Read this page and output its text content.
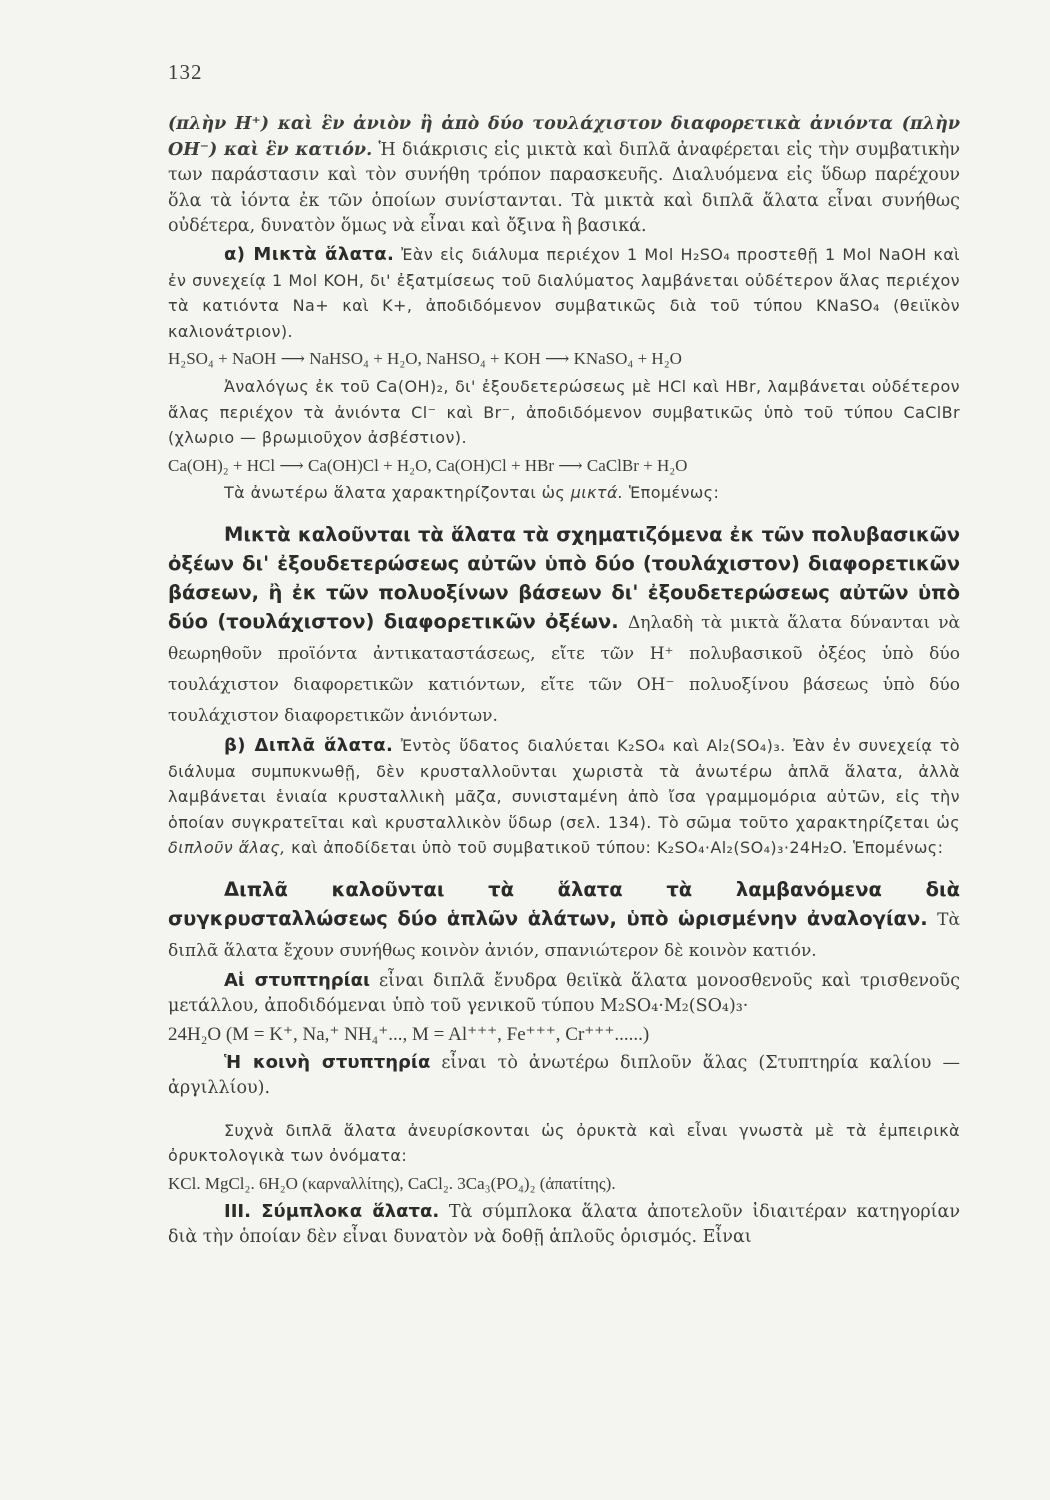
132

(πλὴν H⁺) καὶ ἓν ἀνιὸν ἢ ἀπὸ δύο τουλάχιστον διαφορετικὰ ἀνιόντα (πλὴν OH⁻) καὶ ἓν κατιόν. Ἡ διάκρισις εἰς μικτὰ καὶ διπλᾶ ἀναφέρεται εἰς τὴν συμβατικὴν των παράστασιν καὶ τὸν συνήθη τρόπον παρασκευῆς. Διαλυόμενα εἰς ὕδωρ παρέχουν ὅλα τὰ ἰόντα ἐκ τῶν ὁποίων συνίστανται. Τὰ μικτὰ καὶ διπλᾶ ἅλατα εἶναι συνήθως οὐδέτερα, δυνατὸν ὅμως νὰ εἶναι καὶ ὄξινα ἢ βασικά.

α) Μικτὰ ἅλατα. Ἐὰν εἰς διάλυμα περιέχον 1 Mol H₂SO₄ προστεθῇ 1 Mol NaOH καὶ ἐν συνεχείᾳ 1 Mol KOH, δι' ἐξατμίσεως τοῦ διαλύματος λαμβάνεται οὐδέτερον ἅλας περιέχον τὰ κατιόντα Na+ καὶ K+, ἀποδιδόμενον συμβατικῶς διὰ τοῦ τύπου KNaSO₄ (θειϊκὸν καλιονάτριον).

H₂SO₄ + NaOH ⟶ NaHSO₄ + H₂O, NaHSO₄ + KOH ⟶ KNaSO₄ + H₂O

Ἀναλόγως ἐκ τοῦ Ca(OH)₂, δι' ἐξουδετερώσεως μὲ HCl καὶ HBr, λαμβάνεται οὐδέτερον ἅλας περιέχον τὰ ἀνιόντα Cl⁻ καὶ Br⁻, ἀποδιδόμενον συμβατικῶς ὑπὸ τοῦ τύπου CaClBr (χλωριο — βρωμιοῦχον ἀσβέστιον).

Ca(OH)₂ + HCl ⟶ Ca(OH)Cl + H₂O, Ca(OH)Cl + HBr ⟶ CaClBr + H₂O

Τὰ ἀνωτέρω ἅλατα χαρακτηρίζονται ὡς μικτά. Ἑπομένως:

Μικτὰ καλοῦνται τὰ ἅλατα τὰ σχηματιζόμενα ἐκ τῶν πολυβασικῶν ὀξέων δι' ἐξουδετερώσεως αὐτῶν ὑπὸ δύο (τουλάχιστον) διαφορετικῶν βάσεων, ἢ ἐκ τῶν πολυοξίνων βάσεων δι' ἐξουδετερώσεως αὐτῶν ὑπὸ δύο (τουλάχιστον) διαφορετικῶν ὀξέων. Δηλαδὴ τὰ μικτὰ ἅλατα δύνανται νὰ θεωρηθοῦν προϊόντα ἀντικαταστάσεως, εἴτε τῶν H⁺ πολυβασικοῦ ὀξέος ὑπὸ δύο τουλάχιστον διαφορετικῶν κατιόντων, εἴτε τῶν OH⁻ πολυοξίνου βάσεως ὑπὸ δύο τουλάχιστον διαφορετικῶν ἀνιόντων.

β) Διπλᾶ ἅλατα. Ἐντὸς ὕδατος διαλύεται K₂SO₄ καὶ Al₂(SO₄)₃. Ἐὰν ἐν συνεχείᾳ τὸ διάλυμα συμπυκνωθῇ, δὲν κρυσταλλοῦνται χωριστὰ τὰ ἀνωτέρω ἁπλᾶ ἅλατα, ἀλλὰ λαμβάνεται ἑνιαία κρυσταλλικὴ μᾶζα, συνισταμένη ἀπὸ ἴσα γραμμομόρια αὐτῶν, εἰς τὴν ὁποίαν συγκρατεῖται καὶ κρυσταλλικὸν ὕδωρ (σελ. 134). Τὸ σῶμα τοῦτο χαρακτηρίζεται ὡς διπλοῦν ἅλας, καὶ ἀποδίδεται ὑπὸ τοῦ συμβατικοῦ τύπου: K₂SO₄·Al₂(SO₄)₃·24H₂O. Ἑπομένως:

Διπλᾶ καλοῦνται τὰ ἅλατα τὰ λαμβανόμενα διὰ συγκρυσταλλώσεως δύο ἁπλῶν ἁλάτων, ὑπὸ ὡρισμένην ἀναλογίαν. Τὰ διπλᾶ ἅλατα ἔχουν συνήθως κοινὸν ἀνιόν, σπανιώτερον δὲ κοινὸν κατιόν.

Αἱ στυπτηρίαι εἶναι διπλᾶ ἔνυδρα θειϊκὰ ἅλατα μονοσθενοῦς καὶ τρισθενοῦς μετάλλου, ἀποδιδόμεναι ὑπὸ τοῦ γενικοῦ τύπου M₂SO₄·M₂(SO₄)₃·

24H₂O (M = K⁺, Na,⁺ NH₄⁺..., M = Al⁺⁺⁺, Fe⁺⁺⁺, Cr⁺⁺⁺......)

Ἡ κοινὴ στυπτηρία εἶναι τὸ ἀνωτέρω διπλοῦν ἅλας (Στυπτηρία καλίου — ἀργιλλίου).

Συχνὰ διπλᾶ ἅλατα ἀνευρίσκονται ὡς ὀρυκτὰ καὶ εἶναι γνωστὰ μὲ τὰ ἐμπειρικὰ ὀρυκτολογικὰ των ὀνόματα:

KCl. MgCl₂. 6H₂O (καρναλλίτης), CaCl₂. 3Ca₃(PO₄)₂ (ἀπατίτης).

III. Σύμπλοκα ἅλατα. Τὰ σύμπλοκα ἅλατα ἀποτελοῦν ἰδιαιτέραν κατηγορίαν διὰ τὴν ὁποίαν δὲν εἶναι δυνατὸν νὰ δοθῇ ἁπλοῦς ὁρισμός. Εἶναι
